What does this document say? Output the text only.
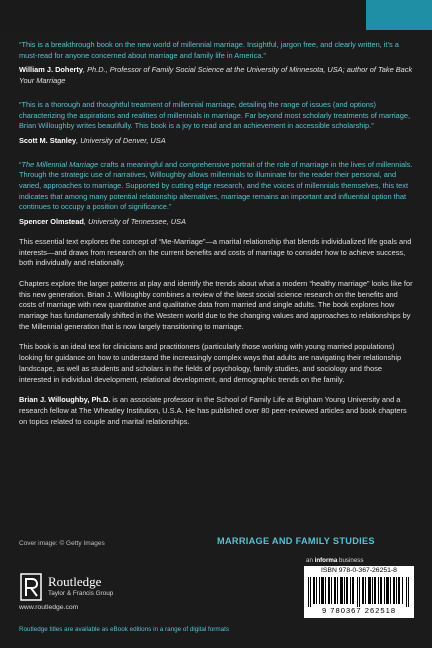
“This is a breakthrough book on the new world of millennial marriage. Insightful, jargon free, and clearly written, it’s a must-read for anyone concerned about marriage and family life in America.”

William J. Doherty, Ph.D., Professor of Family Social Science at the University of Minnesota, USA; author of Take Back Your Marriage

“This is a thorough and thoughtful treatment of millennial marriage, detailing the range of issues (and options) characterizing the aspirations and realities of millennials in marriage. Far beyond most scholarly treatments of marriage, Brian Willoughby writes beautifully. This book is a joy to read and an achievement in accessible scholarship.”

Scott M. Stanley, University of Denver, USA

“The Millennial Marriage crafts a meaningful and comprehensive portrait of the role of marriage in the lives of millennials. Through the strategic use of narratives, Willoughby allows millennials to illuminate for the reader their personal, and varied, approaches to marriage. Supported by cutting edge research, and the voices of millennials themselves, this text indicates that among many potential relationship alternatives, marriage remains an important and influential option that continues to occupy a position of significance.”

Spencer Olmstead, University of Tennessee, USA

This essential text explores the concept of “Me-Marriage”—a marital relationship that blends individualized life goals and interests—and draws from research on the current benefits and costs of marriage to consider how to achieve success, both individually and relationally.

Chapters explore the larger patterns at play and identify the trends about what a modern “healthy marriage” looks like for this new generation. Brian J. Willoughby combines a review of the latest social science research on the benefits and costs of marriage with new quantitative and qualitative data from married and single adults. The book explores how marriage has fundamentally shifted in the Western world due to the changing values and approaches to relationships by the Millennial generation that is now largely transitioning to marriage.

This book is an ideal text for clinicians and practitioners (particularly those working with young married populations) looking for guidance on how to understand the increasingly complex ways that adults are navigating their relationship landscape, as well as students and scholars in the fields of psychology, family studies, and sociology and those interested in individual development, relational development, and demographic trends on the family.

Brian J. Willoughby, Ph.D. is an associate professor in the School of Family Life at Brigham Young University and a research fellow at The Wheatley Institution, U.S.A. He has published over 80 peer-reviewed articles and book chapters on topics related to couple and marital relationships.

Cover image: © Getty Images	MARRIAGE AND FAMILY STUDIES
Routledge
Taylor & Francis Group
www.routledge.com
an informa business
ISBN 978-0-367-26251-8
9 780367 262518
Routledge titles are available as eBook editions in a range of digital formats
